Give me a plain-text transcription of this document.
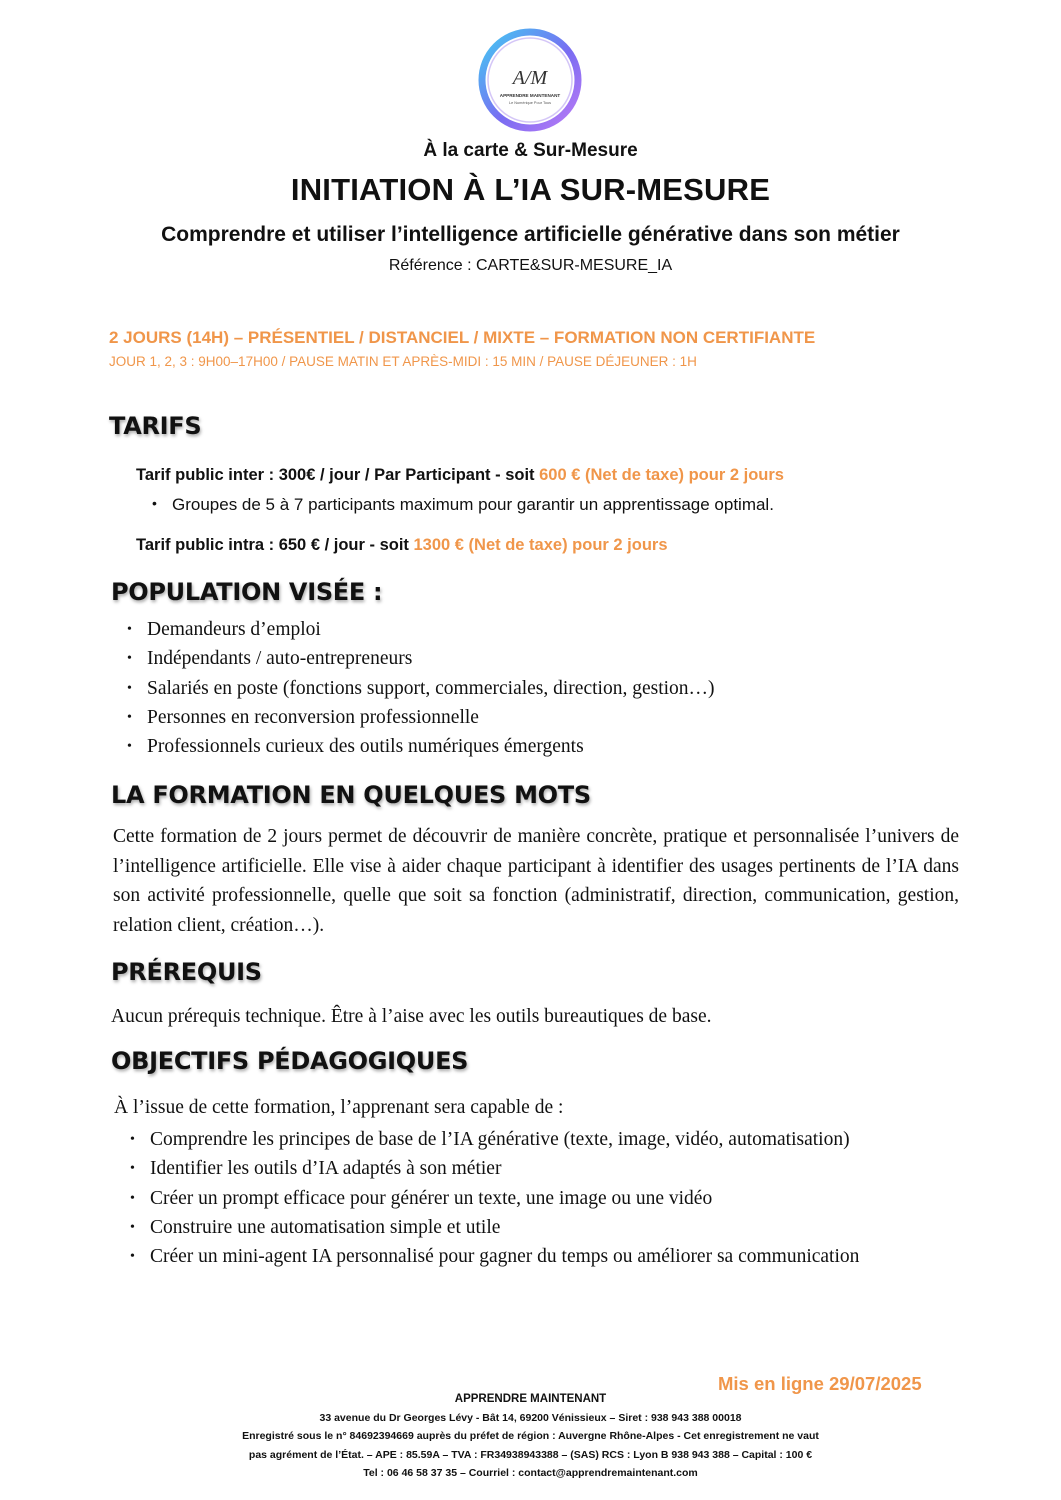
A/M
APPRENDRE MAINTENANT
Le Numérique Pour Tous
À la carte & Sur-Mesure
INITIATION À L’IA SUR-MESURE
Comprendre et utiliser l’intelligence artificielle générative dans son métier
Référence : CARTE&SUR-MESURE_IA
2 JOURS (14H) – PRÉSENTIEL / DISTANCIEL / MIXTE – FORMATION NON CERTIFIANTE
JOUR 1, 2, 3 : 9H00–17H00 / PAUSE MATIN ET APRÈS-MIDI : 15 MIN / PAUSE DÉJEUNER : 1H
TARIFS
Tarif public inter : 300€ / jour / Par Participant - soit 600 € (Net de taxe) pour 2 jours
• Groupes de 5 à 7 participants maximum pour garantir un apprentissage optimal.
Tarif public intra : 650 € / jour - soit 1300 € (Net de taxe) pour 2 jours
POPULATION VISÉE :
• Demandeurs d’emploi
• Indépendants / auto-entrepreneurs
• Salariés en poste (fonctions support, commerciales, direction, gestion…)
• Personnes en reconversion professionnelle
• Professionnels curieux des outils numériques émergents
LA FORMATION EN QUELQUES MOTS
Cette formation de 2 jours permet de découvrir de manière concrète, pratique et personnalisée l’univers de l’intelligence artificielle. Elle vise à aider chaque participant à identifier des usages pertinents de l’IA dans son activité professionnelle, quelle que soit sa fonction (administratif, direction, communication, gestion, relation client, création…).
PRÉREQUIS
Aucun prérequis technique. Être à l’aise avec les outils bureautiques de base.
OBJECTIFS PÉDAGOGIQUES
À l’issue de cette formation, l’apprenant sera capable de :
• Comprendre les principes de base de l’IA générative (texte, image, vidéo, automatisation)
• Identifier les outils d’IA adaptés à son métier
• Créer un prompt efficace pour générer un texte, une image ou une vidéo
• Construire une automatisation simple et utile
• Créer un mini-agent IA personnalisé pour gagner du temps ou améliorer sa communication
Mis en ligne 29/07/2025
APPRENDRE MAINTENANT
33 avenue du Dr Georges Lévy - Bât 14, 69200 Vénissieux – Siret : 938 943 388 00018
Enregistré sous le n° 84692394669 auprès du préfet de région : Auvergne Rhône-Alpes - Cet enregistrement ne vaut
pas agrément de l’État. – APE : 85.59A – TVA : FR34938943388 – (SAS) RCS : Lyon B 938 943 388 – Capital : 100 €
Tel : 06 46 58 37 35 – Courriel : contact@apprendremaintenant.com
